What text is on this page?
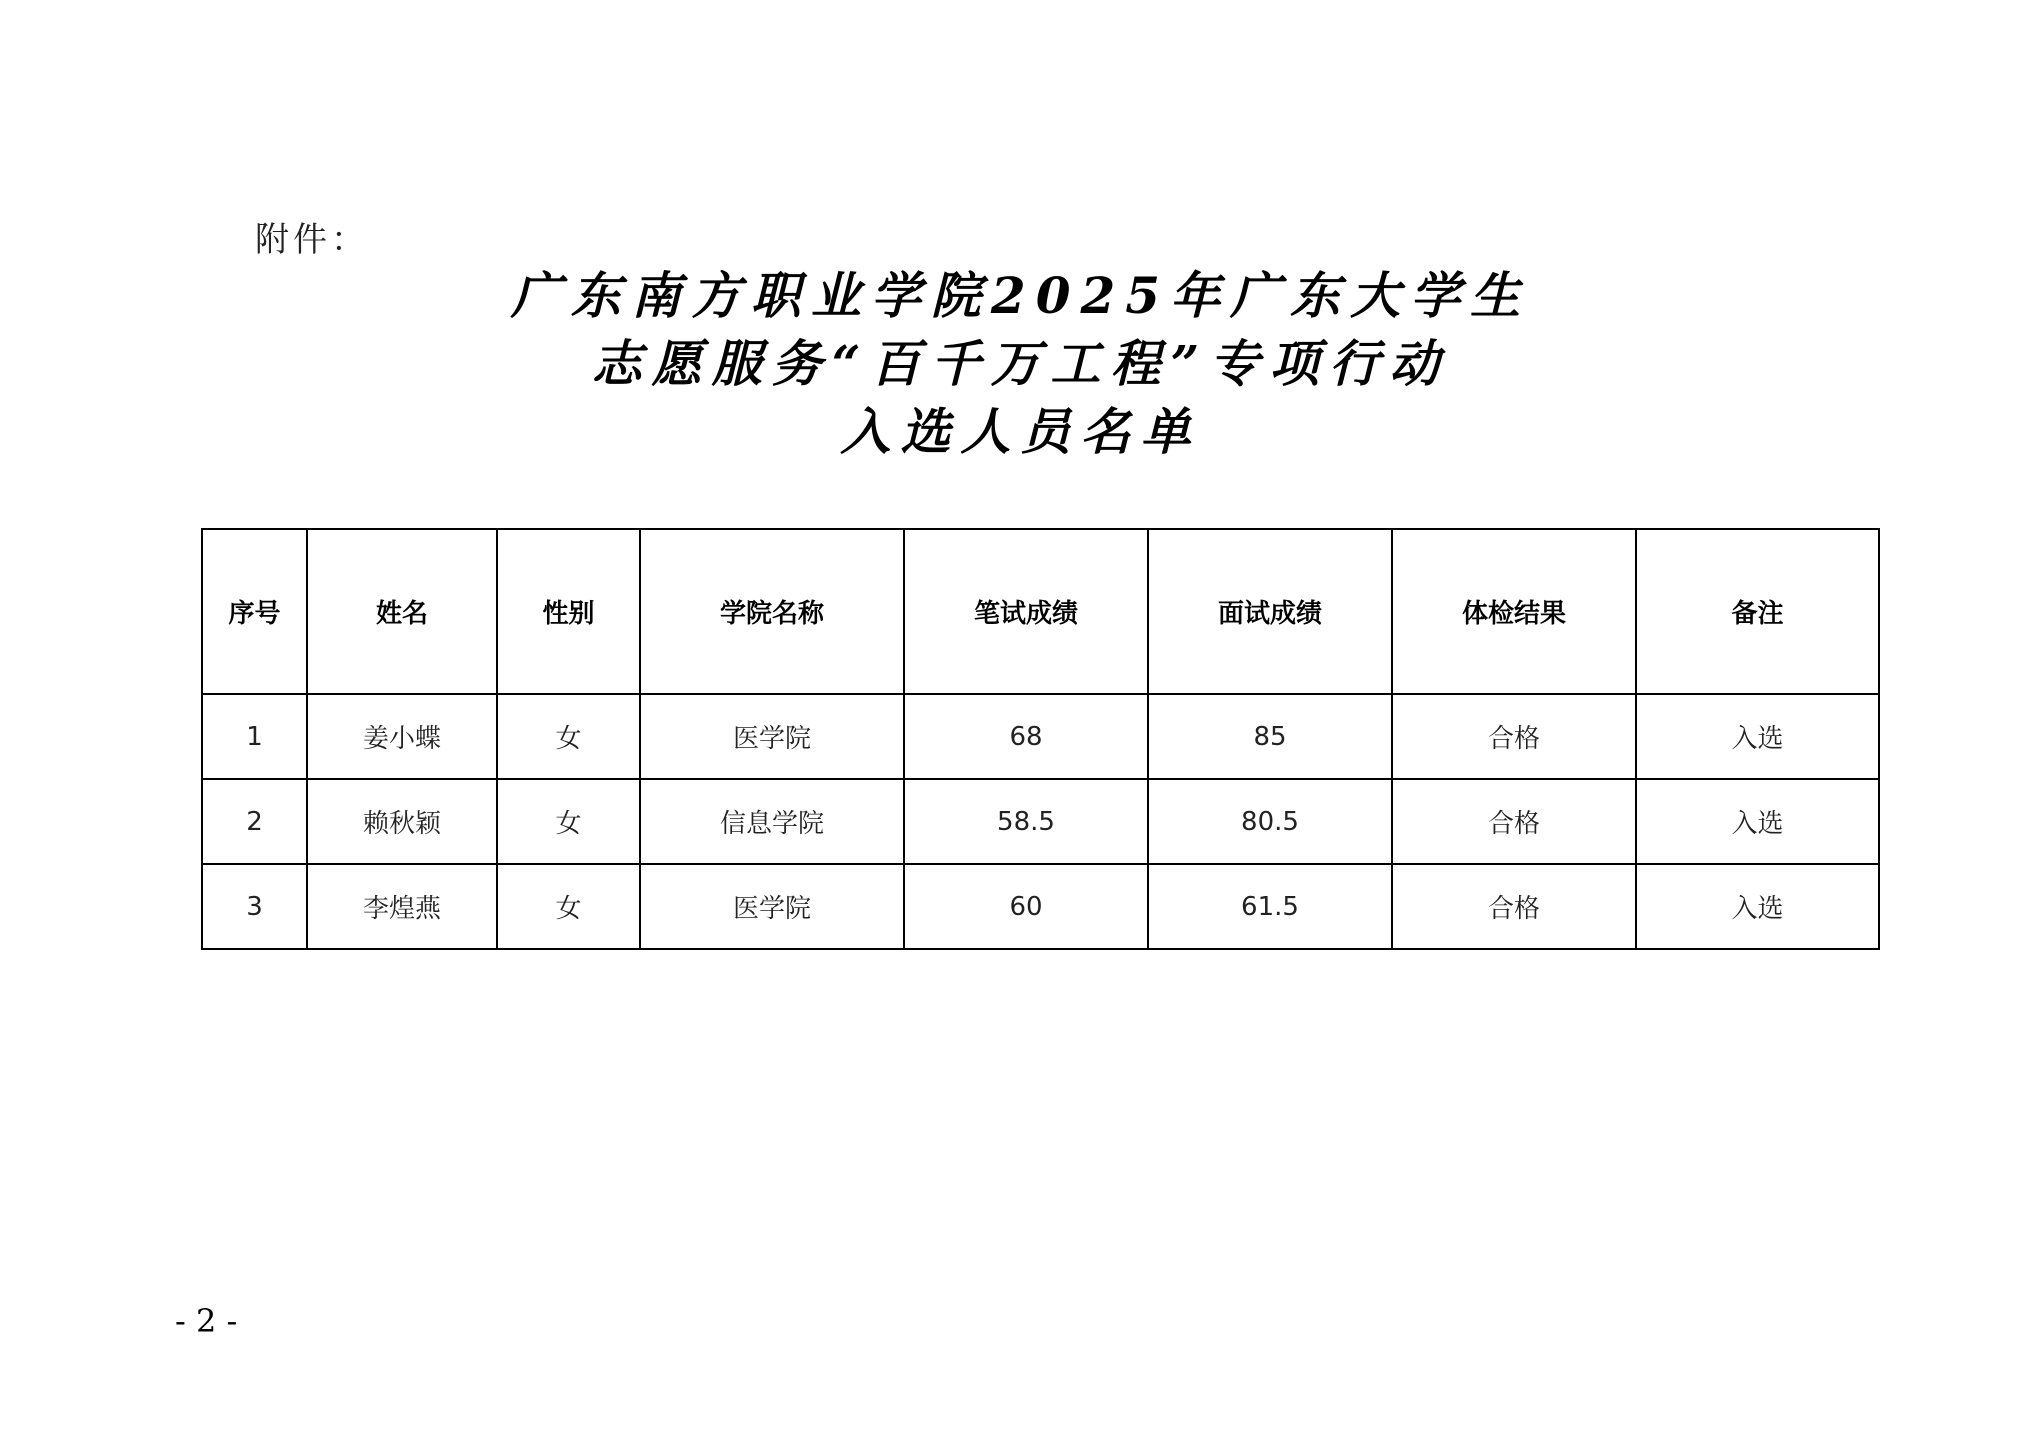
附件：
广东南方职业学院2025年广东大学生
志愿服务“百千万工程”专项行动
入选人员名单
序号	姓名	性别	学院名称	笔试成绩	面试成绩	体检结果	备注
1	姜小蝶	女	医学院	68	85	合格	入选
2	赖秋颖	女	信息学院	58.5	80.5	合格	入选
3	李煌燕	女	医学院	60	61.5	合格	入选
- 2 -
